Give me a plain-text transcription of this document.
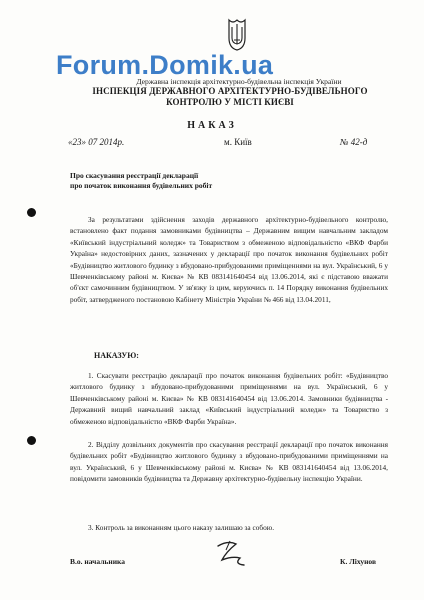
Forum.Domik.ua
Державна інспекція архітектурно-будівельна інспекція України
ІНСПЕКЦІЯ ДЕРЖАВНОГО АРХІТЕКТУРНО-БУДІВЕЛЬНОГО
КОНТРОЛЮ У МІСТІ КИЄВІ
НАКАЗ
«23» 07 2014р.	м. Київ	№ 42-д
Про скасування реєстрації декларації
про початок виконання будівельних робіт
За результатами здійснення заходів державного архітектурно-будівельного контролю, встановлено факт подання замовниками будівництва – Державним вищим навчальним закладом «Київський індустріальний коледж» та Товариством з обмеженою відповідальністю «ВКФ Фарби Україна» недостовірних даних, зазначених у декларації про початок виконання будівельних робіт «Будівництво житлового будинку з вбудовано-прибудованими приміщеннями на вул. Український, 6 у Шевченківському районі м. Києва» № КВ 083141640454 від 13.06.2014, які є підставою вважати об'єкт самочинним будівництвом. У зв'язку із цим, керуючись п. 14 Порядку виконання будівельних робіт, затвердженого постановою Кабінету Міністрів України № 466 від 13.04.2011,
НАКАЗУЮ:
1. Скасувати реєстрацію декларації про початок виконання будівельних робіт: «Будівництво житлового будинку з вбудовано-прибудованими приміщеннями на вул. Український, 6 у Шевченківському районі м. Києва» № КВ 083141640454 від 13.06.2014. Замовники будівництва - Державний вищий навчальний заклад «Київський індустріальний коледж» та Товариство з обмеженою відповідальністю «ВКФ Фарби Україна».
2. Відділу дозвільних документів про скасування реєстрації декларації про початок виконання будівельних робіт «Будівництво житлового будинку з вбудовано-прибудованими приміщеннями на вул. Український, 6 у Шевченківському районі м. Києва» № КВ 083141640454 від 13.06.2014, повідомити замовників будівництва та Державну архітектурно-будівельну інспекцію України.
3. Контроль за виконанням цього наказу залишаю за собою.
В.о. начальника	К. Ліхунов
